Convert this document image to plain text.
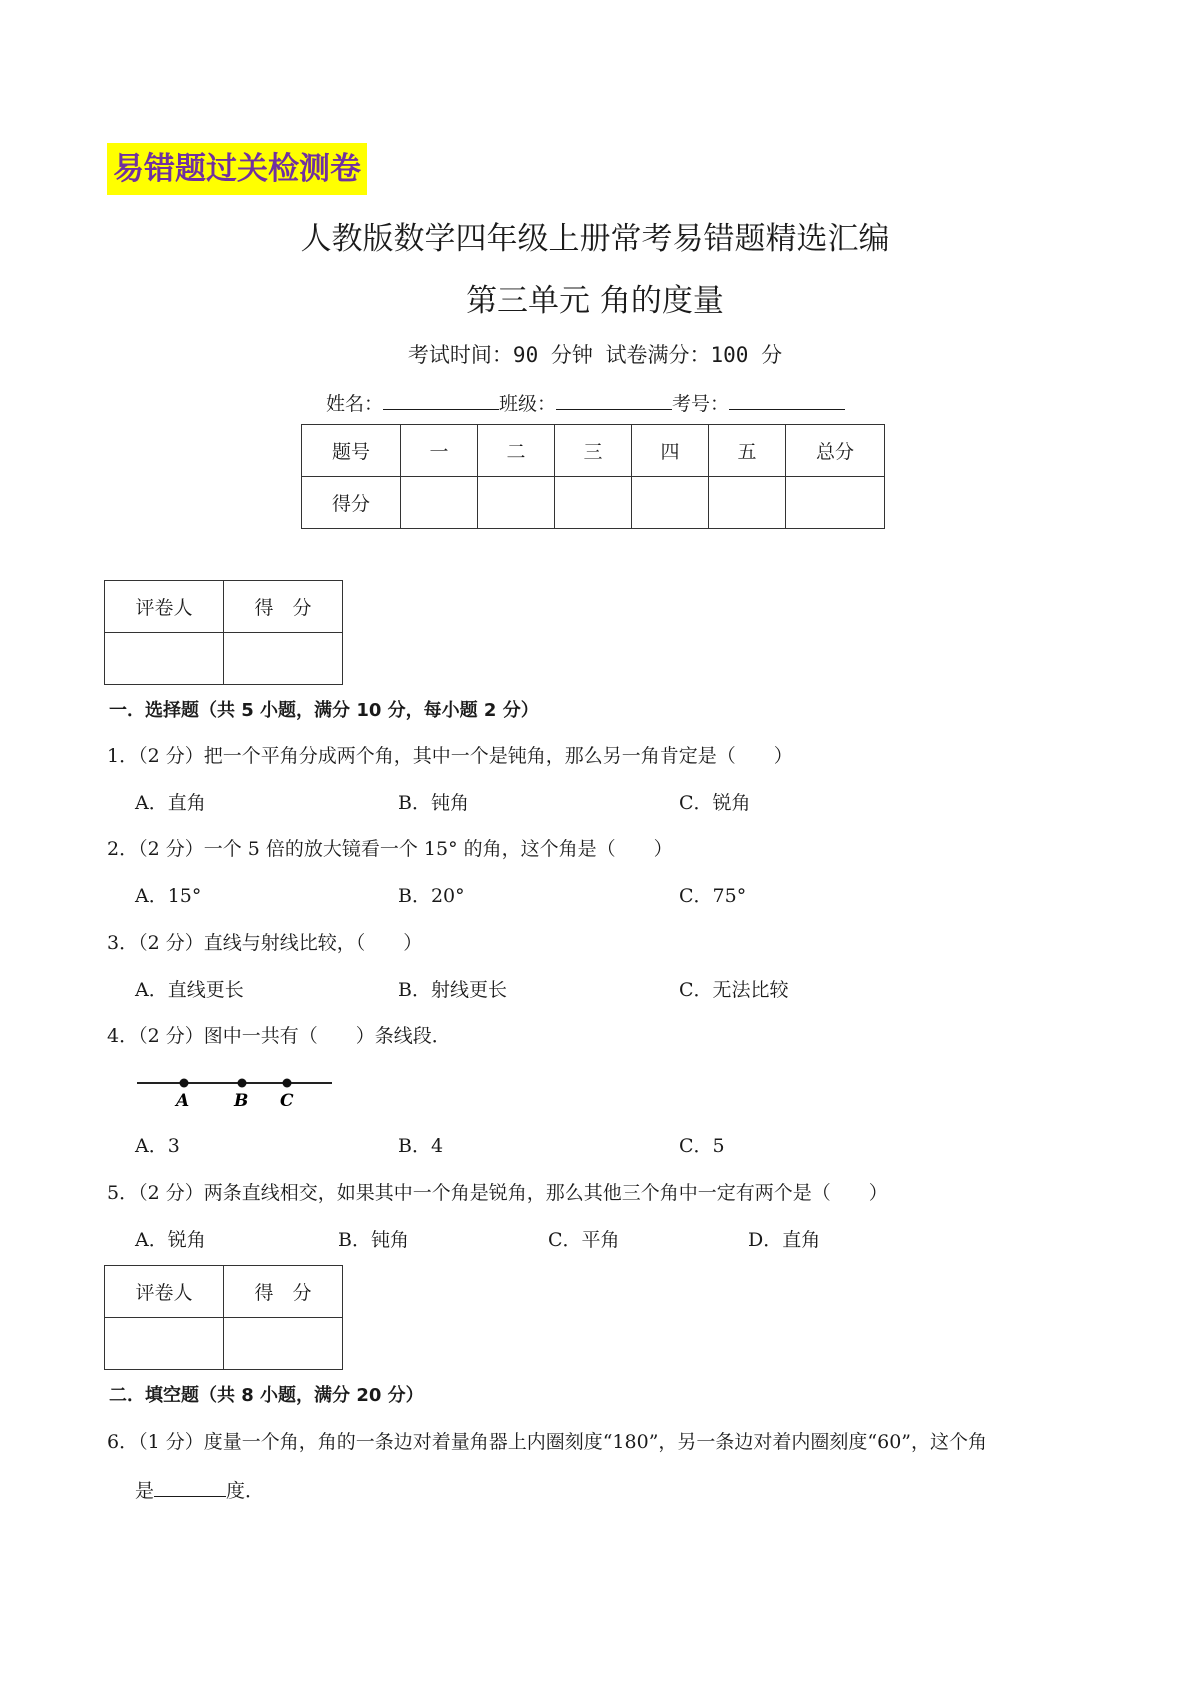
易错题过关检测卷
人教版数学四年级上册常考易错题精选汇编
第三单元 角的度量
考试时间：90 分钟 试卷满分：100 分
姓名：	班级：	考号：
题号	一	二	三	四	五	总分
得分						
评卷人	得　分

一．选择题（共 5 小题，满分 10 分，每小题 2 分）
1．（2 分）把一个平角分成两个角，其中一个是钝角，那么另一角肯定是（　　）
A．直角	B．钝角	C．锐角
2．（2 分）一个 5 倍的放大镜看一个 15° 的角，这个角是（　　）
A．15°	B．20°	C．75°
3．（2 分）直线与射线比较，（　　）
A．直线更长	B．射线更长	C．无法比较
4．（2 分）图中一共有（　　）条线段．
A	B C
A．3	B．4	C．5
5．（2 分）两条直线相交，如果其中一个角是锐角，那么其他三个角中一定有两个是（　　）
A．锐角	B．钝角	C．平角	D．直角
评卷人	得　分

二．填空题（共 8 小题，满分 20 分）
6．（1 分）度量一个角，角的一条边对着量角器上内圈刻度“180”，另一条边对着内圈刻度“60”，这个角
是	度．
